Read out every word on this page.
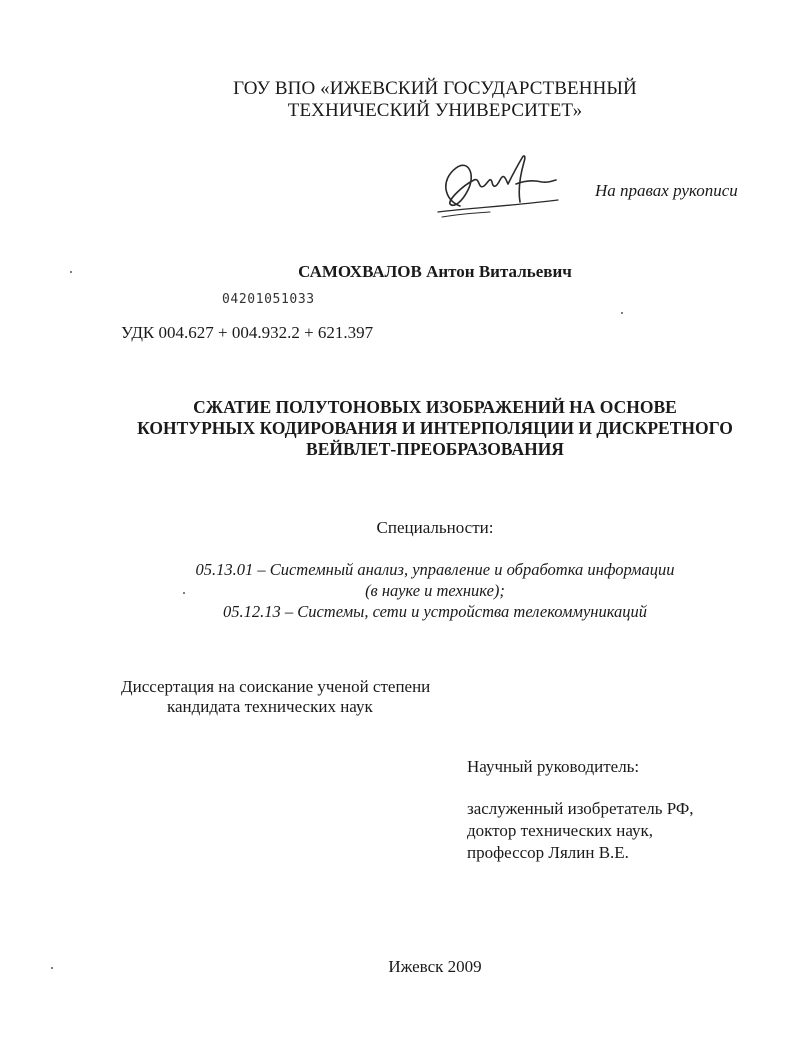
ГОУ ВПО «ИЖЕВСКИЙ ГОСУДАРСТВЕННЫЙ
ТЕХНИЧЕСКИЙ УНИВЕРСИТЕТ»
На правах рукописи
САМОХВАЛОВ Антон Витальевич
04201051033
УДК 004.627 + 004.932.2 + 621.397
СЖАТИЕ ПОЛУТОНОВЫХ ИЗОБРАЖЕНИЙ НА ОСНОВЕ
КОНТУРНЫХ КОДИРОВАНИЯ И ИНТЕРПОЛЯЦИИ И ДИСКРЕТНОГО
ВЕЙВЛЕТ-ПРЕОБРАЗОВАНИЯ
Специальности:
05.13.01 – Системный анализ, управление и обработка информации
(в науке и технике);
05.12.13 – Системы, сети и устройства телекоммуникаций
Диссертация на соискание ученой степени
кандидата технических наук
Научный руководитель:
заслуженный изобретатель РФ,
доктор технических наук,
профессор Лялин В.Е.
Ижевск 2009
